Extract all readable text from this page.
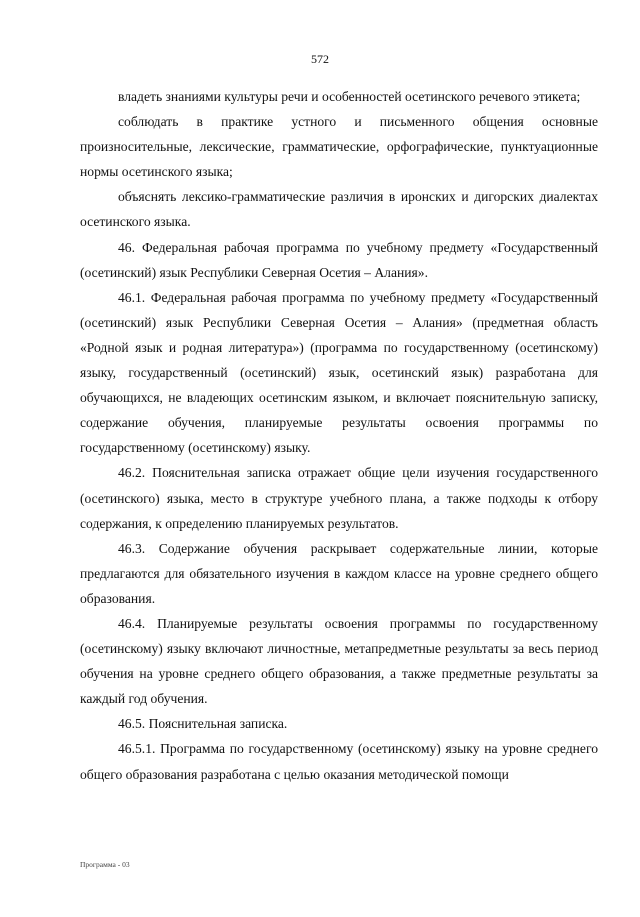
572

владеть знаниями культуры речи и особенностей осетинского речевого этикета;

соблюдать в практике устного и письменного общения основные произносительные, лексические, грамматические, орфографические, пунктуационные нормы осетинского языка;

объяснять лексико-грамматические различия в иронских и дигорских диалектах осетинского языка.

46. Федеральная рабочая программа по учебному предмету «Государственный (осетинский) язык Республики Северная Осетия – Алания».

46.1. Федеральная рабочая программа по учебному предмету «Государственный (осетинский) язык Республики Северная Осетия – Алания» (предметная область «Родной язык и родная литература») (программа по государственному (осетинскому) языку, государственный (осетинский) язык, осетинский язык) разработана для обучающихся, не владеющих осетинским языком, и включает пояснительную записку, содержание обучения, планируемые результаты освоения программы по государственному (осетинскому) языку.

46.2. Пояснительная записка отражает общие цели изучения государственного (осетинского) языка, место в структуре учебного плана, а также подходы к отбору содержания, к определению планируемых результатов.

46.3. Содержание обучения раскрывает содержательные линии, которые предлагаются для обязательного изучения в каждом классе на уровне среднего общего образования.

46.4. Планируемые результаты освоения программы по государственному (осетинскому) языку включают личностные, метапредметные результаты за весь период обучения на уровне среднего общего образования, а также предметные результаты за каждый год обучения.

46.5. Пояснительная записка.

46.5.1. Программа по государственному (осетинскому) языку на уровне среднего общего образования разработана с целью оказания методической помощи

Программа - 03
